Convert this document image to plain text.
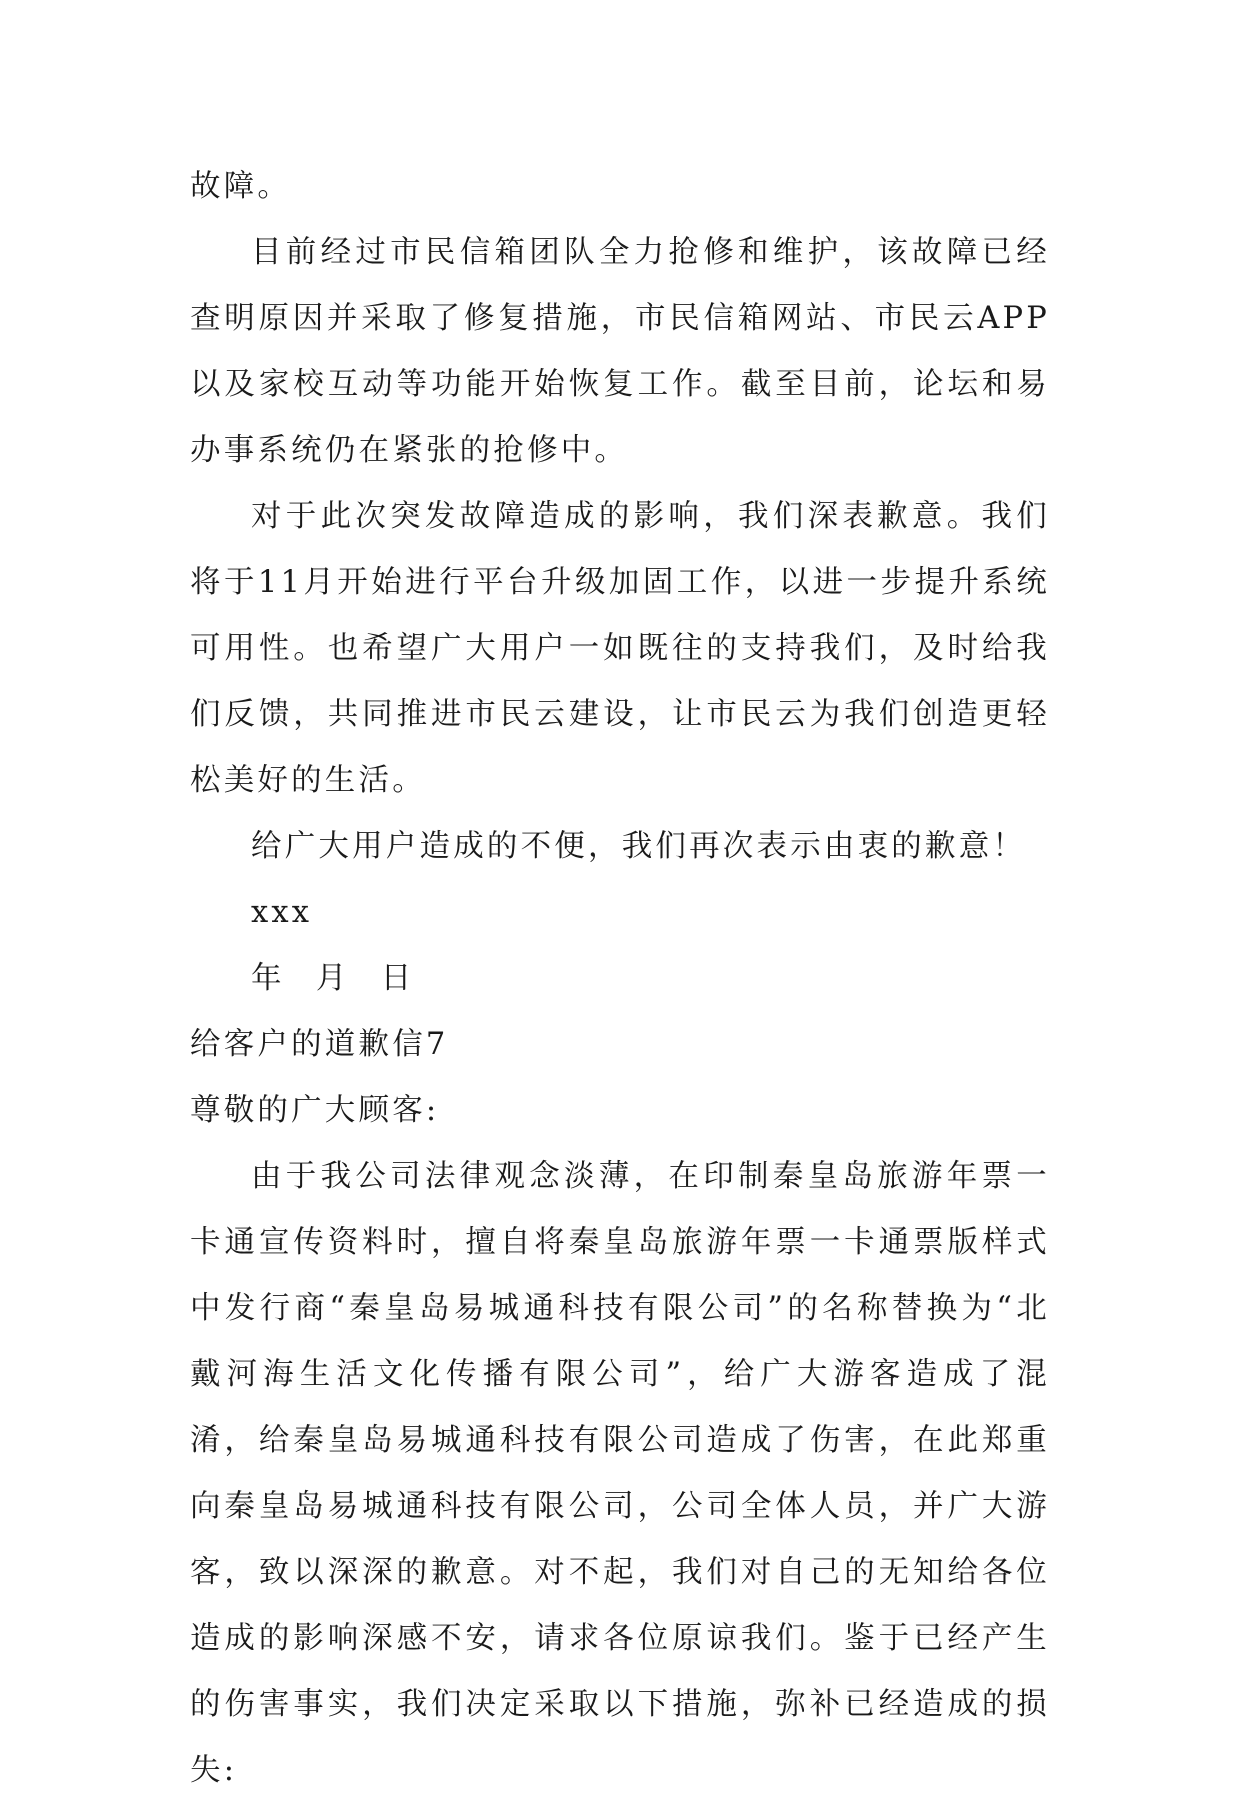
故障。

目前经过市民信箱团队全力抢修和维护，该故障已经查明原因并采取了修复措施，市民信箱网站、市民云APP以及家校互动等功能开始恢复工作。截至目前，论坛和易办事系统仍在紧张的抢修中。

对于此次突发故障造成的影响，我们深表歉意。我们将于11月开始进行平台升级加固工作，以进一步提升系统可用性。也希望广大用户一如既往的支持我们，及时给我们反馈，共同推进市民云建设，让市民云为我们创造更轻松美好的生活。

给广大用户造成的不便，我们再次表示由衷的歉意！

xxx

年 月 日

给客户的道歉信7

尊敬的广大顾客:

由于我公司法律观念淡薄，在印制秦皇岛旅游年票一卡通宣传资料时，擅自将秦皇岛旅游年票一卡通票版样式中发行商“秦皇岛易城通科技有限公司”的名称替换为“北戴河海生活文化传播有限公司”，给广大游客造成了混淆，给秦皇岛易城通科技有限公司造成了伤害，在此郑重向秦皇岛易城通科技有限公司，公司全体人员，并广大游客，致以深深的歉意。对不起，我们对自己的无知给各位造成的影响深感不安，请求各位原谅我们。鉴于已经产生的伤害事实，我们决定采取以下措施，弥补已经造成的损失:
